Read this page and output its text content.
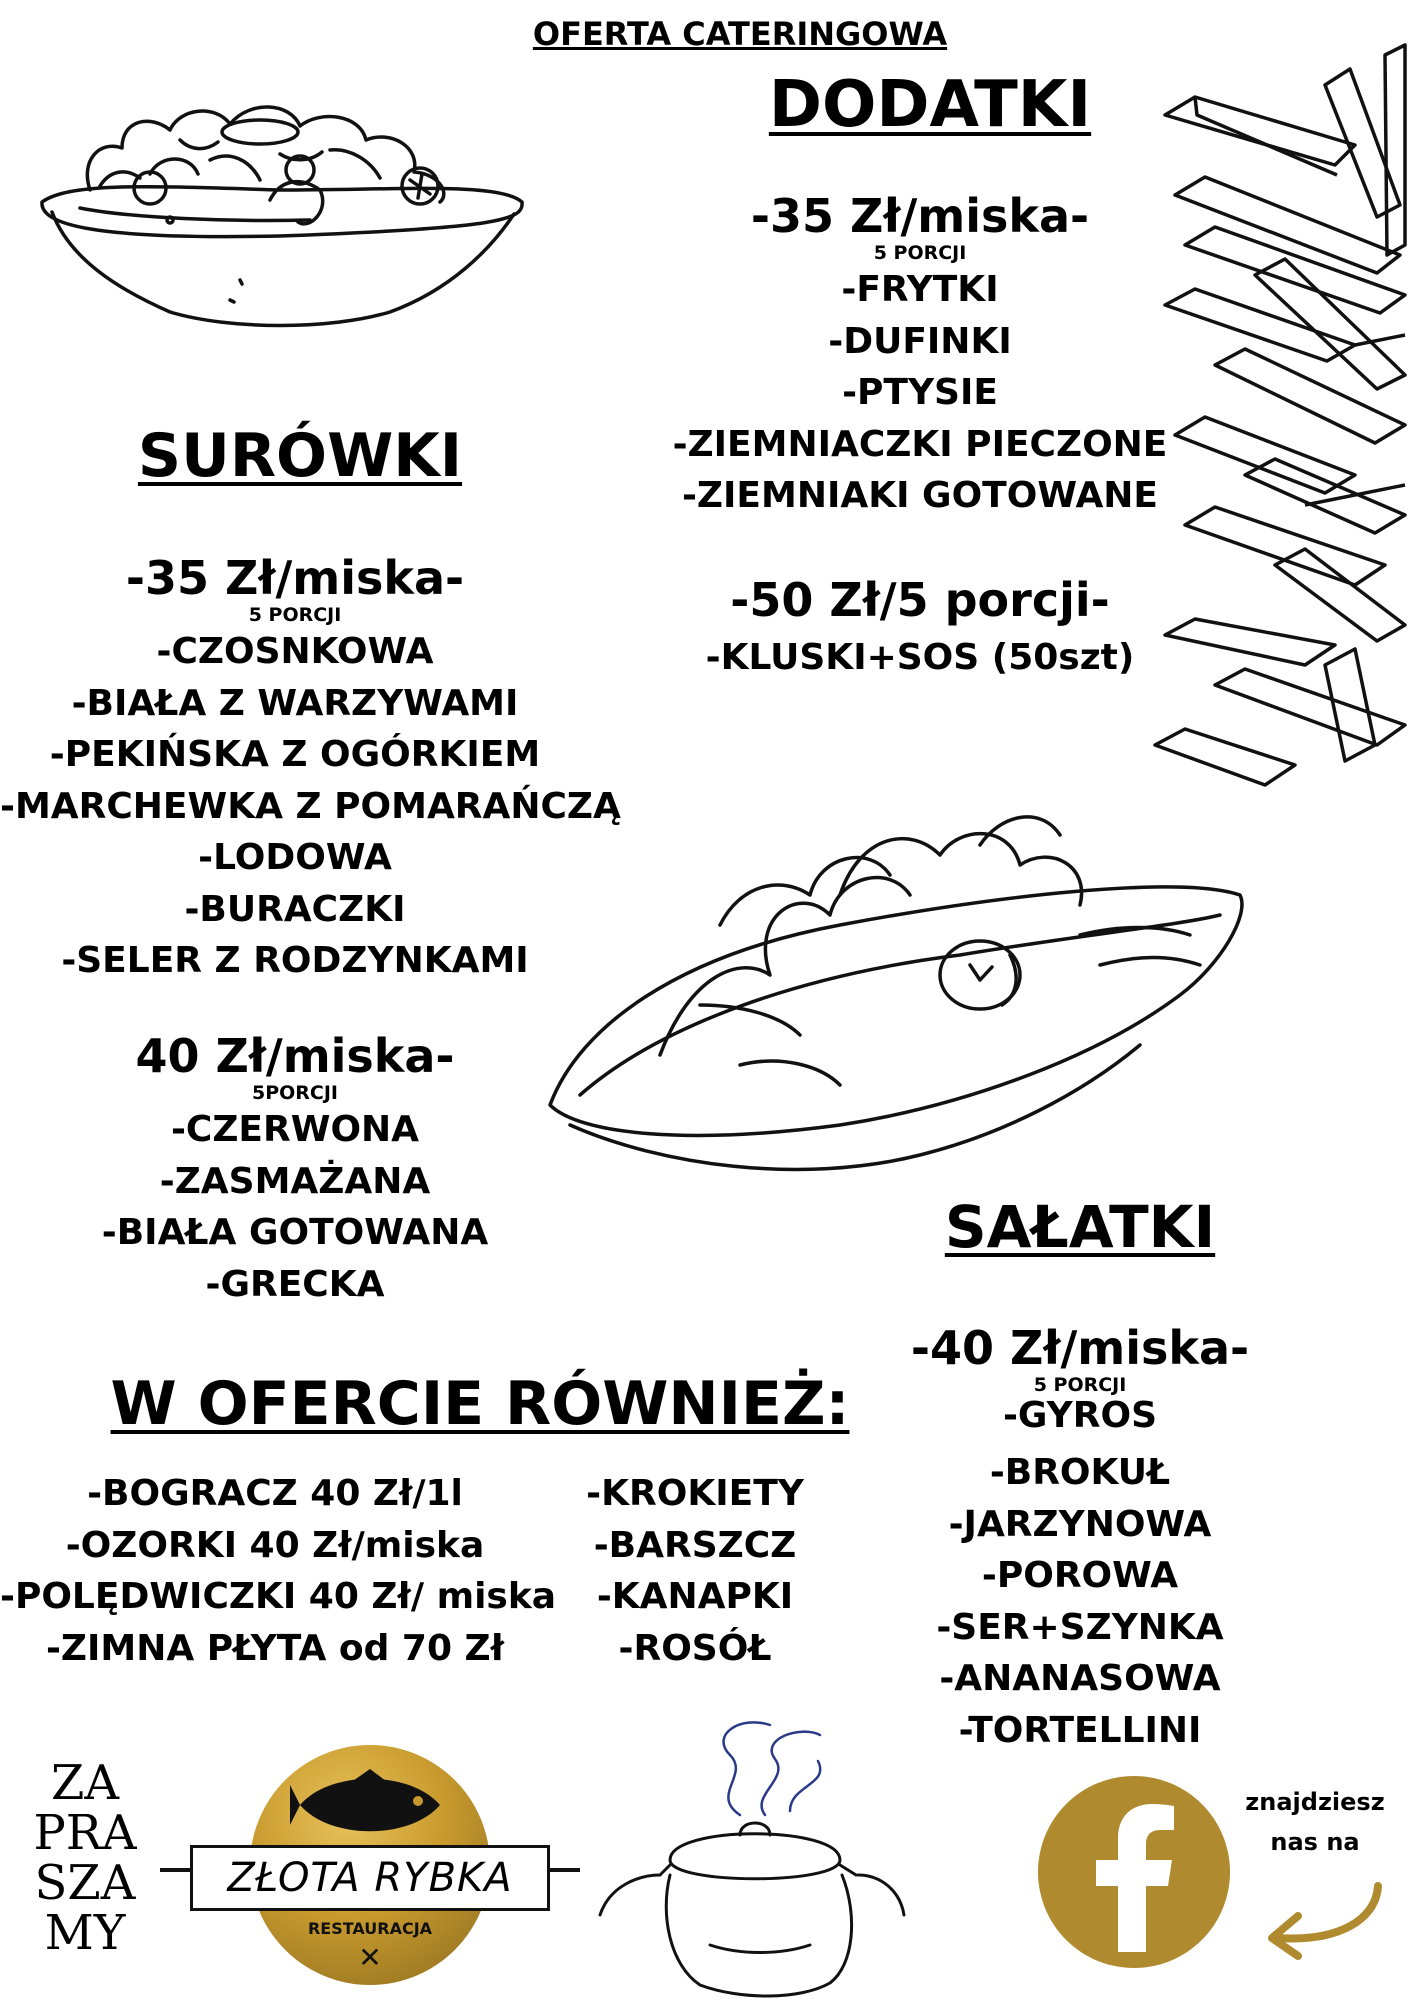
OFERTA CATERINGOWA
DODATKI
-35 Zł/miska-
5 PORCJI
-FRYTKI
-DUFINKI
-PTYSIE
-ZIEMNIACZKI PIECZONE
-ZIEMNIAKI GOTOWANE
-50 Zł/5 porcji-
-KLUSKI+SOS (50szt)
SURÓWKI
-35 Zł/miska-
5 PORCJI
-CZOSNKOWA
-BIAŁA Z WARZYWAMI
-PEKIŃSKA Z OGÓRKIEM
-MARCHEWKA Z POMARAŃCZĄ
-LODOWA
-BURACZKI
-SELER Z RODZYNKAMI
40 Zł/miska-
5PORCJI
-CZERWONA
-ZASMAŻANA
-BIAŁA GOTOWANA
-GRECKA
SAŁATKI
-40 Zł/miska-
5 PORCJI
-GYROS
-BROKUŁ
-JARZYNOWA
-POROWA
-SER+SZYNKA
-ANANASOWA
-TORTELLINI
W OFERCIE RÓWNIEŻ:
-BOGRACZ 40 Zł/1l
-OZORKI 40 Zł/miska
-POLĘDWICZKI 40 Zł/ miska
-ZIMNA PŁYTA od 70 Zł
-KROKIETY
-BARSZCZ
-KANAPKI
-ROSÓŁ
ZA
PRA
SZA
MY
ZŁOTA RYBKA
RESTAURACJA
✕
znajdziesz nas na
